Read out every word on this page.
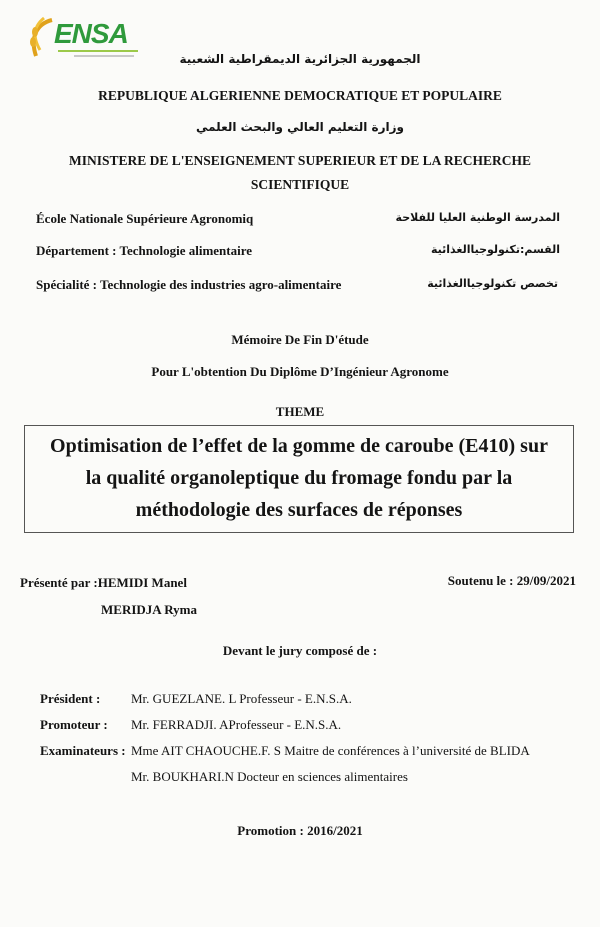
ENSA
الجمهورية الجزائرية الديمقراطية الشعبية
REPUBLIQUE ALGERIENNE DEMOCRATIQUE ET POPULAIRE
وزارة التعليم العالي والبحث العلمي
MINISTERE DE L'ENSEIGNEMENT SUPERIEUR ET DE LA RECHERCHE
SCIENTIFIQUE
École Nationale Supérieure Agronomiq	المدرسة الوطنية العليا للفلاحة
Département : Technologie alimentaire	القسم:تكنولوجياالغذائية
Spécialité : Technologie des industries agro-alimentaire	تخصص تكنولوجياالغذائية
Mémoire De Fin D'étude
Pour L'obtention Du Diplôme D’Ingénieur Agronome
THEME
Optimisation de l’effet de la gomme de caroube (E410) sur
la qualité organoleptique du fromage fondu par la
méthodologie des surfaces de réponses
Présenté par :HEMIDI Manel
MERIDJA Ryma
Soutenu le : 29/09/2021
Devant le jury composé de :
Président : Mr. GUEZLANE. L Professeur - E.N.S.A.
Promoteur : Mr. FERRADJI. AProfesseur - E.N.S.A.
Examinateurs : Mme AIT CHAOUCHE.F. S Maitre de conférences à l’université de BLIDA
Mr. BOUKHARI.N Docteur en sciences alimentaires
Promotion : 2016/2021
